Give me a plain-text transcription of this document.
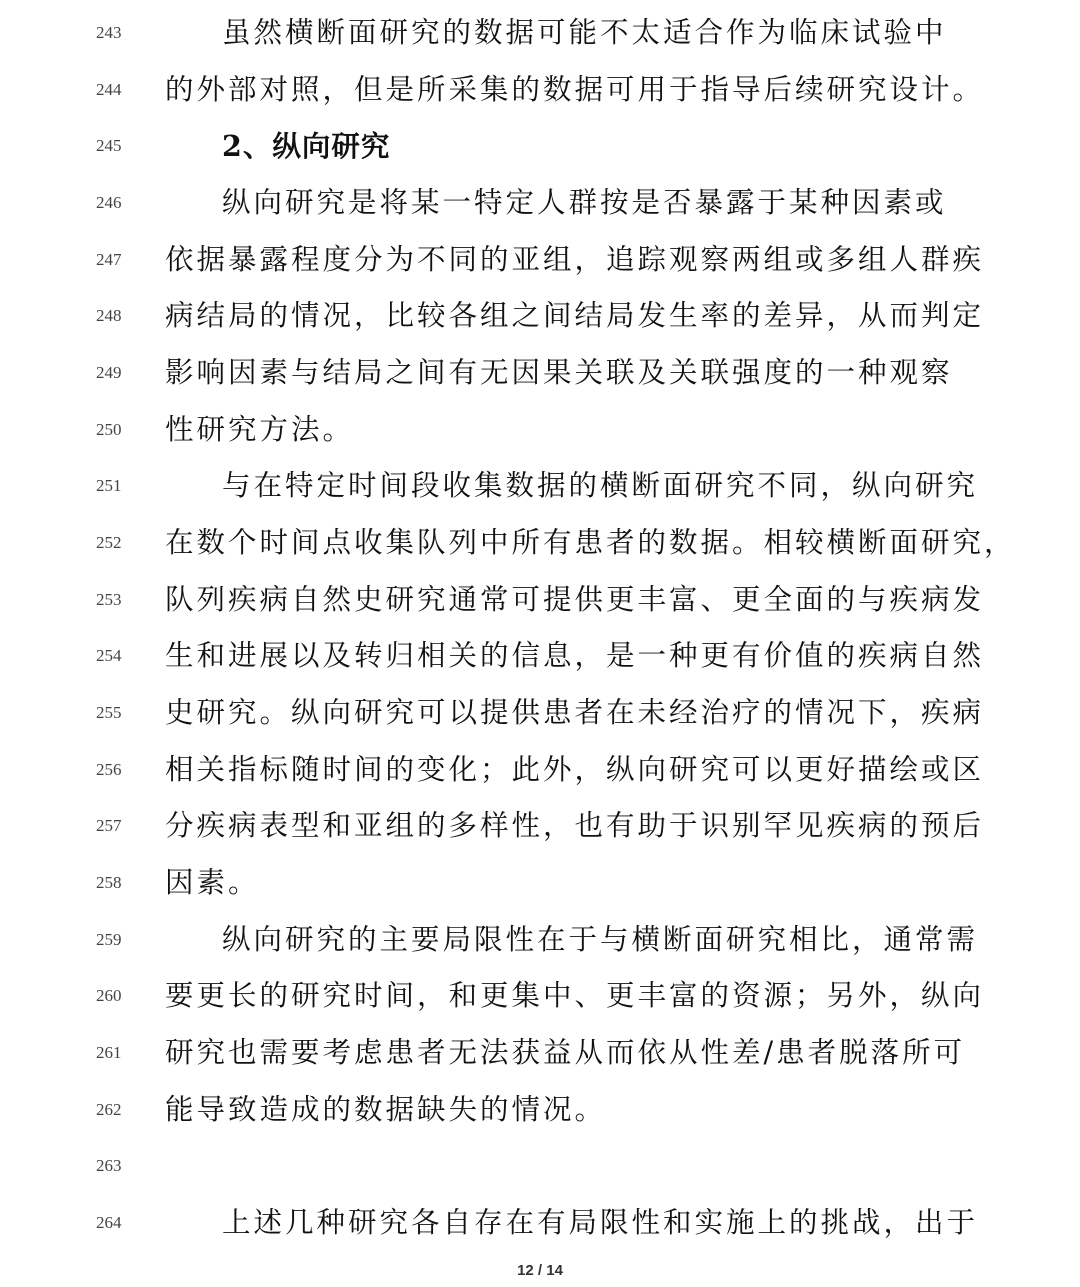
243	虽然横断面研究的数据可能不太适合作为临床试验中
244	的外部对照，但是所采集的数据可用于指导后续研究设计。
245	2、纵向研究
246	纵向研究是将某一特定人群按是否暴露于某种因素或
247	依据暴露程度分为不同的亚组，追踪观察两组或多组人群疾
248	病结局的情况，比较各组之间结局发生率的差异，从而判定
249	影响因素与结局之间有无因果关联及关联强度的一种观察
250	性研究方法。
251	与在特定时间段收集数据的横断面研究不同，纵向研究
252	在数个时间点收集队列中所有患者的数据。相较横断面研究，
253	队列疾病自然史研究通常可提供更丰富、更全面的与疾病发
254	生和进展以及转归相关的信息，是一种更有价值的疾病自然
255	史研究。纵向研究可以提供患者在未经治疗的情况下，疾病
256	相关指标随时间的变化；此外，纵向研究可以更好描绘或区
257	分疾病表型和亚组的多样性，也有助于识别罕见疾病的预后
258	因素。
259	纵向研究的主要局限性在于与横断面研究相比，通常需
260	要更长的研究时间，和更集中、更丰富的资源；另外，纵向
261	研究也需要考虑患者无法获益从而依从性差/患者脱落所可
262	能导致造成的数据缺失的情况。
263
264	上述几种研究各自存在有局限性和实施上的挑战，出于
12 / 14
